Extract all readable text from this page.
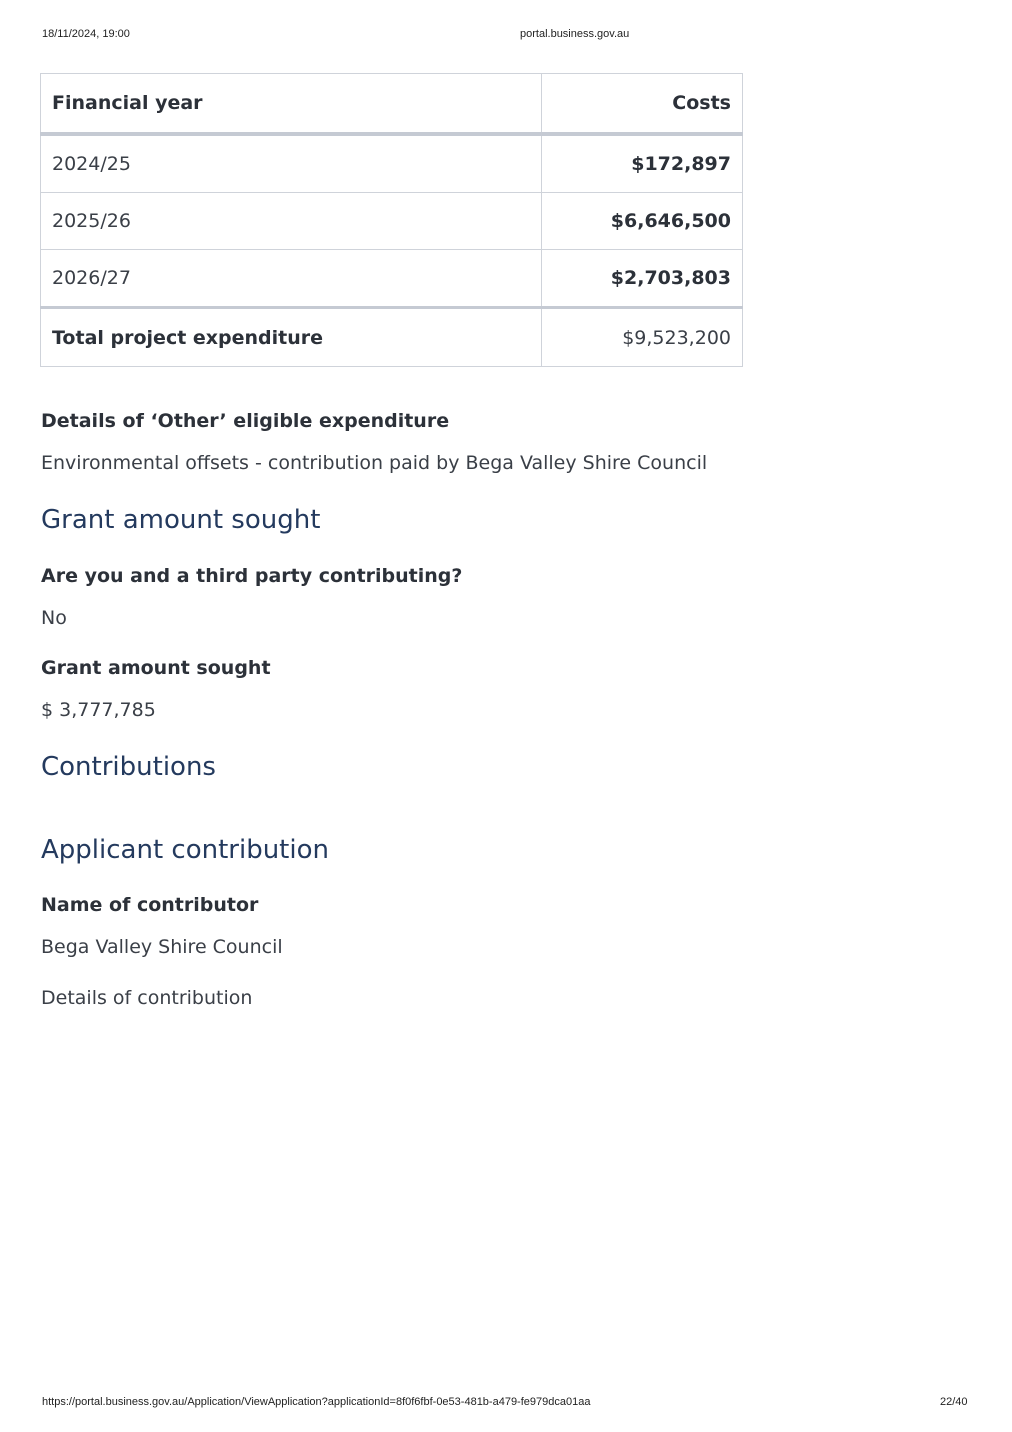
18/11/2024, 19:00	portal.business.gov.au
Financial year	Costs
2024/25	$172,897
2025/26	$6,646,500
2026/27	$2,703,803
Total project expenditure	$9,523,200
Details of ‘Other’ eligible expenditure
Environmental offsets - contribution paid by Bega Valley Shire Council
Grant amount sought
Are you and a third party contributing?
No
Grant amount sought
$ 3,777,785
Contributions
Applicant contribution
Name of contributor
Bega Valley Shire Council
Details of contribution
https://portal.business.gov.au/Application/ViewApplication?applicationId=8f0f6fbf-0e53-481b-a479-fe979dca01aa	22/40
